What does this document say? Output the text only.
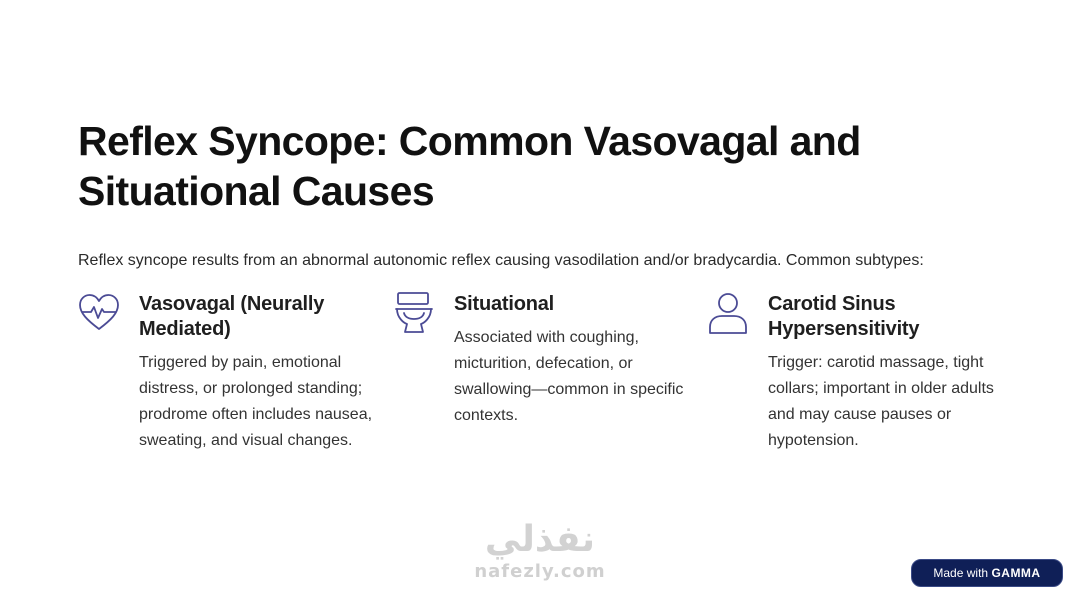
Reflex Syncope: Common Vasovagal and Situational Causes

Reflex syncope results from an abnormal autonomic reflex causing vasodilation and/or bradycardia. Common subtypes:

Vasovagal (Neurally Mediated)

Triggered by pain, emotional distress, or prolonged standing; prodrome often includes nausea, sweating, and visual changes.

Situational

Associated with coughing, micturition, defecation, or swallowing—common in specific contexts.

Carotid Sinus Hypersensitivity

Trigger: carotid massage, tight collars; important in older adults and may cause pauses or hypotension.

نفذلي
nafezly.com	Made with GAMMA
